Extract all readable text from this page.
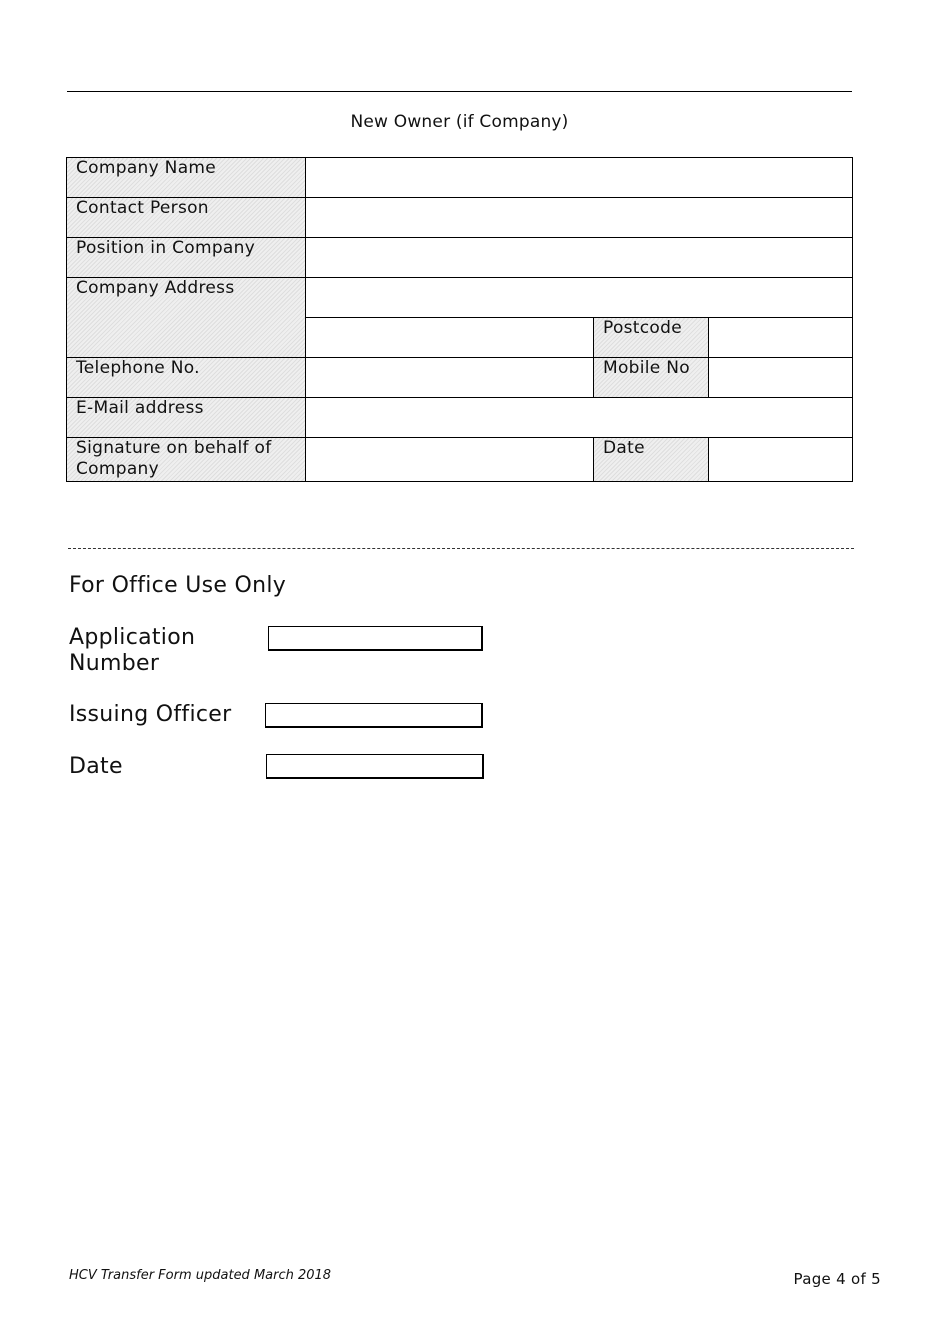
New Owner (if Company)
Company Name			

Contact Person			

Position in Company			

Company Address			

		Postcode	

Telephone No.		Mobile No	

E-Mail address			

Signature on behalf of Company		Date	

For Office Use Only
Application Number
Issuing Officer
Date
HCV Transfer Form updated March 2018	Page 4 of 5
